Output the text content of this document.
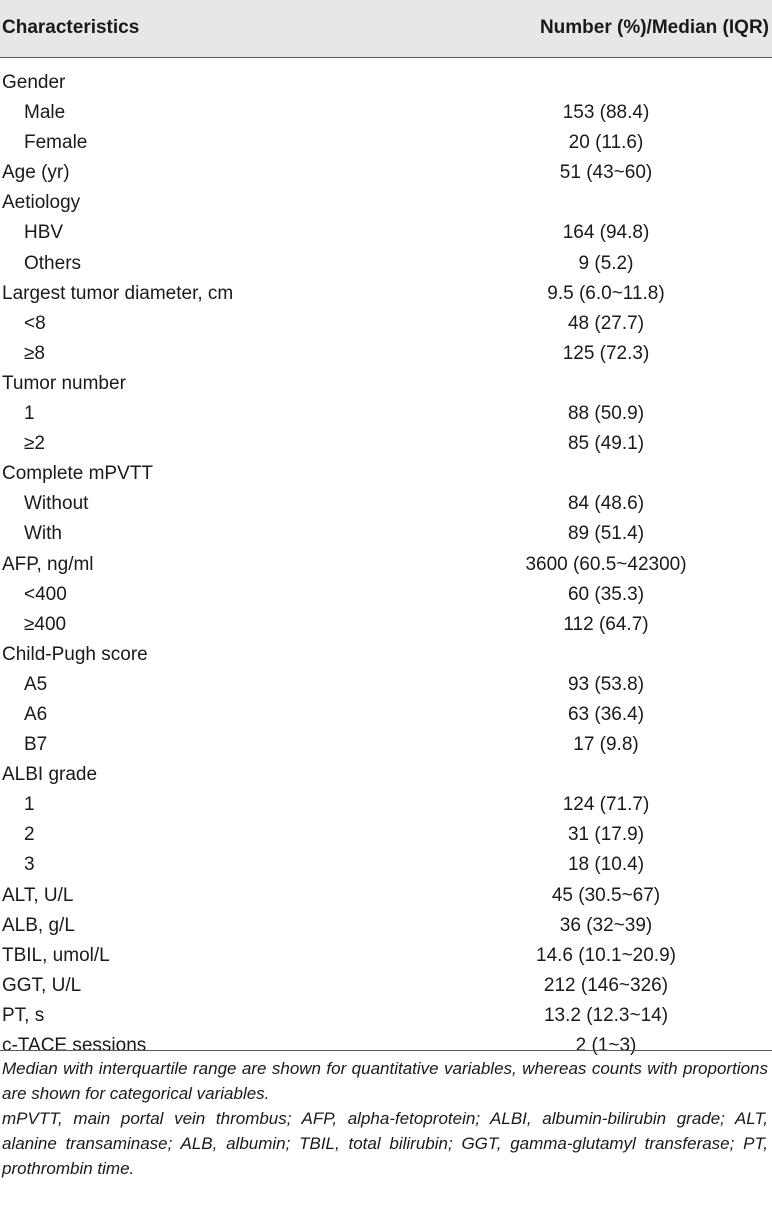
Characteristics	Number (%)/Median (IQR)
Gender
Male	153 (88.4)
Female	20 (11.6)
Age (yr)	51 (43~60)
Aetiology
HBV	164 (94.8)
Others	9 (5.2)
Largest tumor diameter, cm	9.5 (6.0~11.8)
<8	48 (27.7)
≥8	125 (72.3)
Tumor number
1	88 (50.9)
≥2	85 (49.1)
Complete mPVTT
Without	84 (48.6)
With	89 (51.4)
AFP, ng/ml	3600 (60.5~42300)
<400	60 (35.3)
≥400	112 (64.7)
Child-Pugh score
A5	93 (53.8)
A6	63 (36.4)
B7	17 (9.8)
ALBI grade
1	124 (71.7)
2	31 (17.9)
3	18 (10.4)
ALT, U/L	45 (30.5~67)
ALB, g/L	36 (32~39)
TBIL, umol/L	14.6 (10.1~20.9)
GGT, U/L	212 (146~326)
PT, s	13.2 (12.3~14)
c-TACE sessions	2 (1~3)

Median with interquartile range are shown for quantitative variables, whereas counts with proportions are shown for categorical variables.

mPVTT, main portal vein thrombus; AFP, alpha-fetoprotein; ALBI, albumin-bilirubin grade; ALT, alanine transaminase; ALB, albumin; TBIL, total bilirubin; GGT, gamma-glutamyl transferase; PT, prothrombin time.
